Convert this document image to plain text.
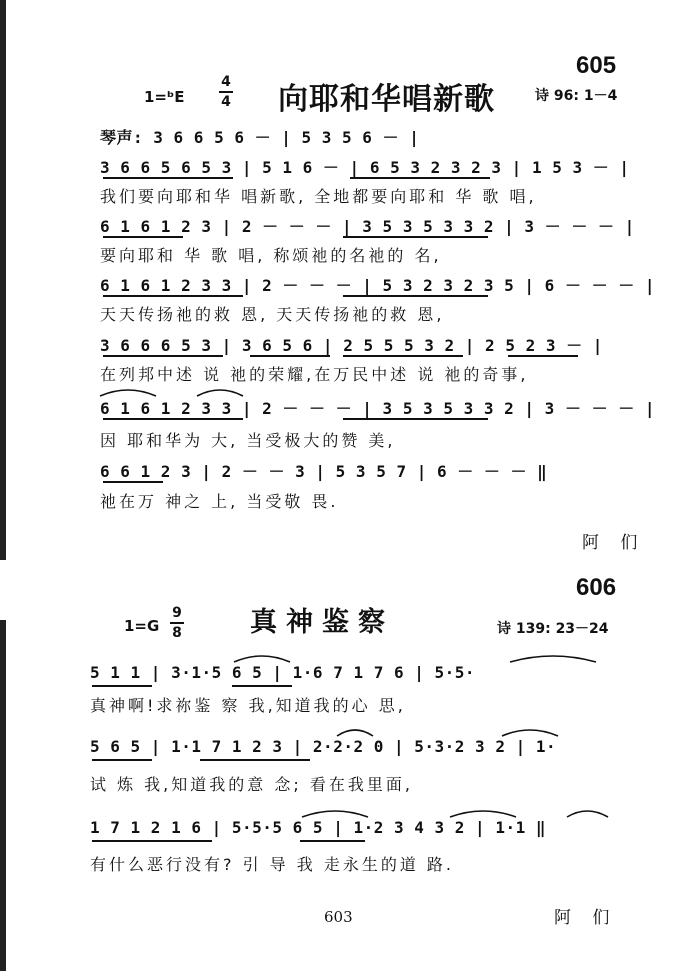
605
1=ᵇE
4
4 向耶和华唱新歌	诗 96: 1－4
琴声: 3 6 6 5 6 － | 5 3 5 6 － |
3 6 6 5 6 5 3 | 5 1 6 － | 6 5 3 2 3 2 3 | 1 5 3 － |
我们要向耶和华 唱新歌, 全地都要向耶和 华 歌 唱,
6 1 6 1 2 3 | 2 － － － | 3 5 3 5 3 3 2 | 3 － － － |
要向耶和 华 歌 唱, 称颂祂的名祂的 名,
6 1 6 1 2 3 3 | 2 － － － | 5 3 2 3 2 3 5 | 6 － － － |
天天传扬祂的救 恩, 天天传扬祂的救 恩,
3 6 6 6 5 3 | 3 6 5 6 | 2 5 5 5 3 2 | 2 5 2 3 － |
在列邦中述 说 祂的荣耀,在万民中述 说 祂的奇事,
6 1 6 1 2 3 3 | 2 － － － | 3 5 3 5 3 3 2 | 3 － － － |
因 耶和华为 大, 当受极大的赞 美,
6 6 1 2 3 | 2 － － 3 | 5 3 5 7 | 6 － － － ‖
祂在万 神之 上, 当受敬 畏.
阿 们
606
1=G
9
8	真神鉴察	诗 139: 23－24
5 1 1 | 3·1·5 6 5 | 1·6 7 1 7 6 | 5·5·
真神啊!求祢鉴 察 我,知道我的心 思,
5 6 5 | 1·1 7 1 2 3 | 2·2·2 0 | 5·3·2 3 2 | 1·
试 炼 我,知道我的意 念; 看在我里面,
1 7 1 2 1 6 | 5·5·5 6 5 | 1·2 3 4 3 2 | 1·1 ‖
有什么恶行没有? 引 导 我 走永生的道 路.
603	阿 们
